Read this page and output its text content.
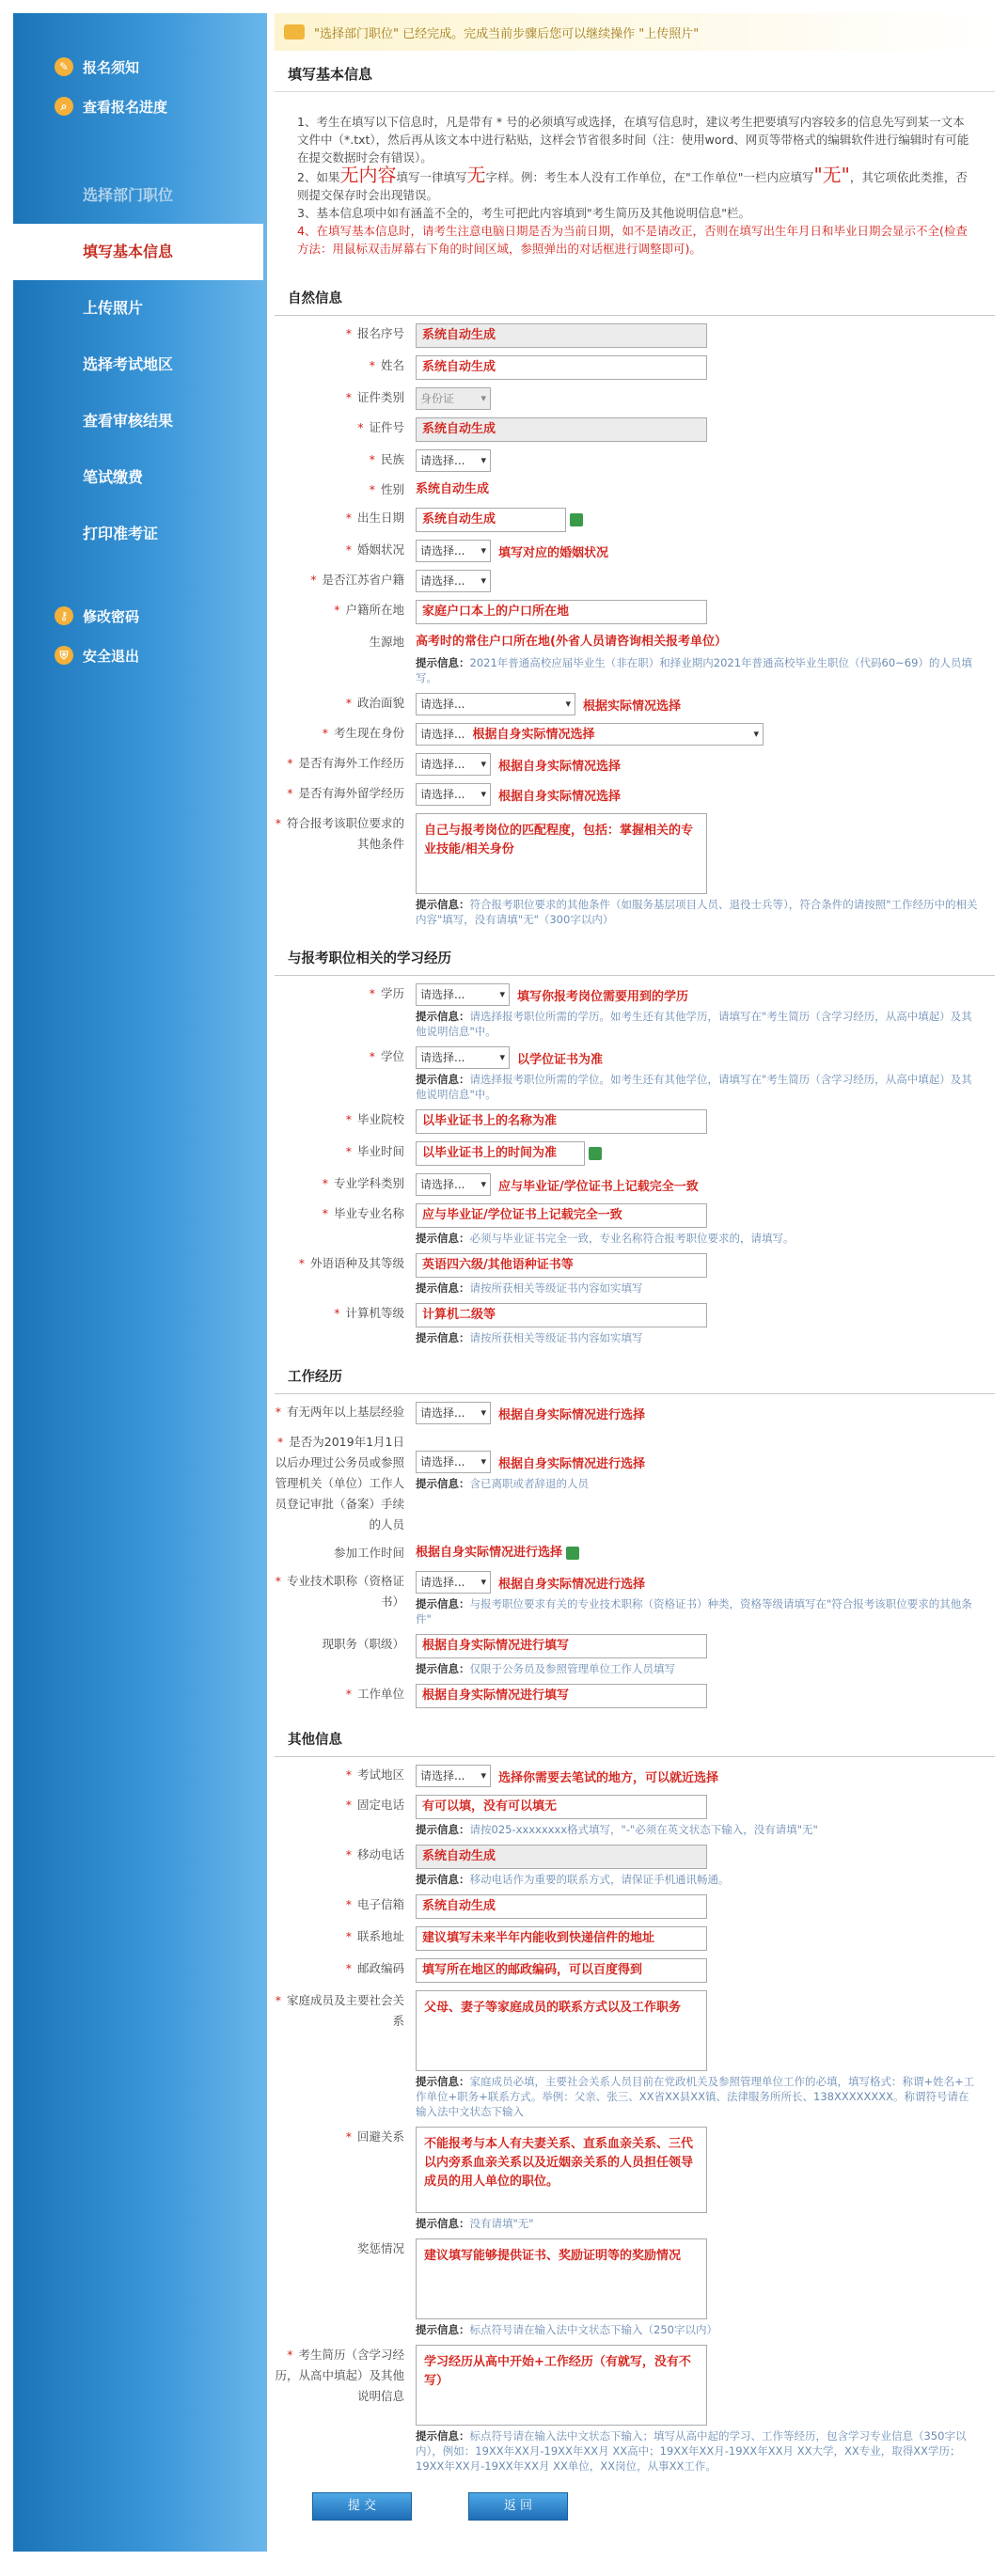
✎ 报名须知
⌕	查看报名进度
选择部门职位
填写基本信息
上传照片
选择考试地区
查看审核结果
笔试缴费
打印准考证
⚷	修改密码
⛨	安全退出
"选择部门职位" 已经完成。完成当前步骤后您可以继续操作 "上传照片"
填写基本信息
1、考生在填写以下信息时，凡是带有 * 号的必须填写或选择，在填写信息时，建议考生把要填写内容较多的信息先写到某一文本文件中（*.txt），然后再从该文本中进行粘贴，这样会节省很多时间（注：使用word、网页等带格式的编辑软件进行编辑时有可能在提交数据时会有错误）。
2、如果无内容填写一律填写无字样。例：考生本人没有工作单位，在"工作单位"一栏内应填写"无"，其它项依此类推，否则提交保存时会出现错误。
3、基本信息项中如有涵盖不全的，考生可把此内容填到"考生简历及其他说明信息"栏。
4、在填写基本信息时，请考生注意电脑日期是否为当前日期，如不是请改正，否则在填写出生年月日和毕业日期会显示不全(检查方法：用鼠标双击屏幕右下角的时间区域，参照弹出的对话框进行调整即可)。
自然信息
* 报名序号	系统自动生成
* 姓名	系统自动生成
* 证件类别	身份证 ▾
* 证件号	系统自动生成
* 民族	请选择... ▾
* 性别 系统自动生成
* 出生日期	系统自动生成
* 婚姻状况	请选择... ▾	填写对应的婚姻状况
* 是否江苏省户籍	请选择... ▾
* 户籍所在地	家庭户口本上的户口所在地
生源地 高考时的常住户口所在地(外省人员请咨询相关报考单位）
提示信息：2021年普通高校应届毕业生（非在职）和择业期内2021年普通高校毕业生职位（代码60~69）的人员填写。
* 政治面貌	请选择... ▾	根据实际情况选择
* 考生现在身份	请选择... 根据自身实际情况选择 ▾
* 是否有海外工作经历	请选择... ▾	根据自身实际情况选择
* 是否有海外留学经历	请选择... ▾	根据自身实际情况选择
* 符合报考该职位要求的其他条件
自己与报考岗位的匹配程度，包括：掌握相关的专业技能/相关身份
提示信息：符合报考职位要求的其他条件（如服务基层项目人员、退役士兵等），符合条件的请按照"工作经历中的相关内容"填写，没有请填"无"（300字以内）
与报考职位相关的学习经历
* 学历	请选择... ▾	填写你报考岗位需要用到的学历
提示信息：请选择报考职位所需的学历。如考生还有其他学历，请填写在"考生简历（含学习经历，从高中填起）及其他说明信息"中。
* 学位	请选择... ▾	以学位证书为准
提示信息：请选择报考职位所需的学位。如考生还有其他学位，请填写在"考生简历（含学习经历，从高中填起）及其他说明信息"中。
* 毕业院校	以毕业证书上的名称为准
* 毕业时间	以毕业证书上的时间为准
* 专业学科类别	请选择... ▾	应与毕业证/学位证书上记载完全一致
* 毕业专业名称	应与毕业证/学位证书上记载完全一致
提示信息：必须与毕业证书完全一致，专业名称符合报考职位要求的，请填写。
* 外语语种及其等级	英语四六级/其他语种证书等
提示信息：请按所获相关等级证书内容如实填写
* 计算机等级	计算机二级等
提示信息：请按所获相关等级证书内容如实填写
工作经历
* 有无两年以上基层经验	请选择... ▾	根据自身实际情况进行选择
* 是否为2019年1月1日以后办理过公务员或参照管理机关（单位）工作人员登记审批（备案）手续的人员
请选择... ▾	根据自身实际情况进行选择
提示信息：含已离职或者辞退的人员
参加工作时间 根据自身实际情况进行选择
* 专业技术职称（资格证书）
请选择... ▾	根据自身实际情况进行选择
提示信息：与报考职位要求有关的专业技术职称（资格证书）种类，资格等级请填写在"符合报考该职位要求的其他条件"
现职务（职级）	根据自身实际情况进行填写
提示信息：仅限于公务员及参照管理单位工作人员填写
* 工作单位	根据自身实际情况进行填写
其他信息
* 考试地区	请选择... ▾	选择你需要去笔试的地方，可以就近选择
* 固定电话	有可以填，没有可以填无
提示信息：请按025-xxxxxxxx格式填写，"-"必须在英文状态下输入，没有请填"无"
* 移动电话	系统自动生成
提示信息：移动电话作为重要的联系方式，请保证手机通讯畅通。
* 电子信箱	系统自动生成
* 联系地址	建议填写未来半年内能收到快递信件的地址
* 邮政编码	填写所在地区的邮政编码，可以百度得到
* 家庭成员及主要社会关系
父母、妻子等家庭成员的联系方式以及工作职务
提示信息：家庭成员必填，主要社会关系人员目前在党政机关及参照管理单位工作的必填，填写格式：称谓+姓名+工作单位+职务+联系方式。举例：父亲、张三、XX省XX县XX镇、法律服务所所长、138XXXXXXXX。称谓符号请在输入法中文状态下输入
* 回避关系
不能报考与本人有夫妻关系、直系血亲关系、三代以内旁系血亲关系以及近姻亲关系的人员担任领导成员的用人单位的职位。
提示信息：没有请填"无"
奖惩情况
建议填写能够提供证书、奖励证明等的奖励情况
提示信息：标点符号请在输入法中文状态下输入（250字以内）
* 考生简历（含学习经历，从高中填起）及其他说明信息
学习经历从高中开始+工作经历（有就写，没有不写）
提示信息：标点符号请在输入法中文状态下输入；填写从高中起的学习、工作等经历，包含学习专业信息（350字以内），例如：19XX年XX月-19XX年XX月 XX高中；19XX年XX月-19XX年XX月 XX大学，XX专业，取得XX学历；19XX年XX月-19XX年XX月 XX单位，XX岗位，从事XX工作。
提 交	返 回
